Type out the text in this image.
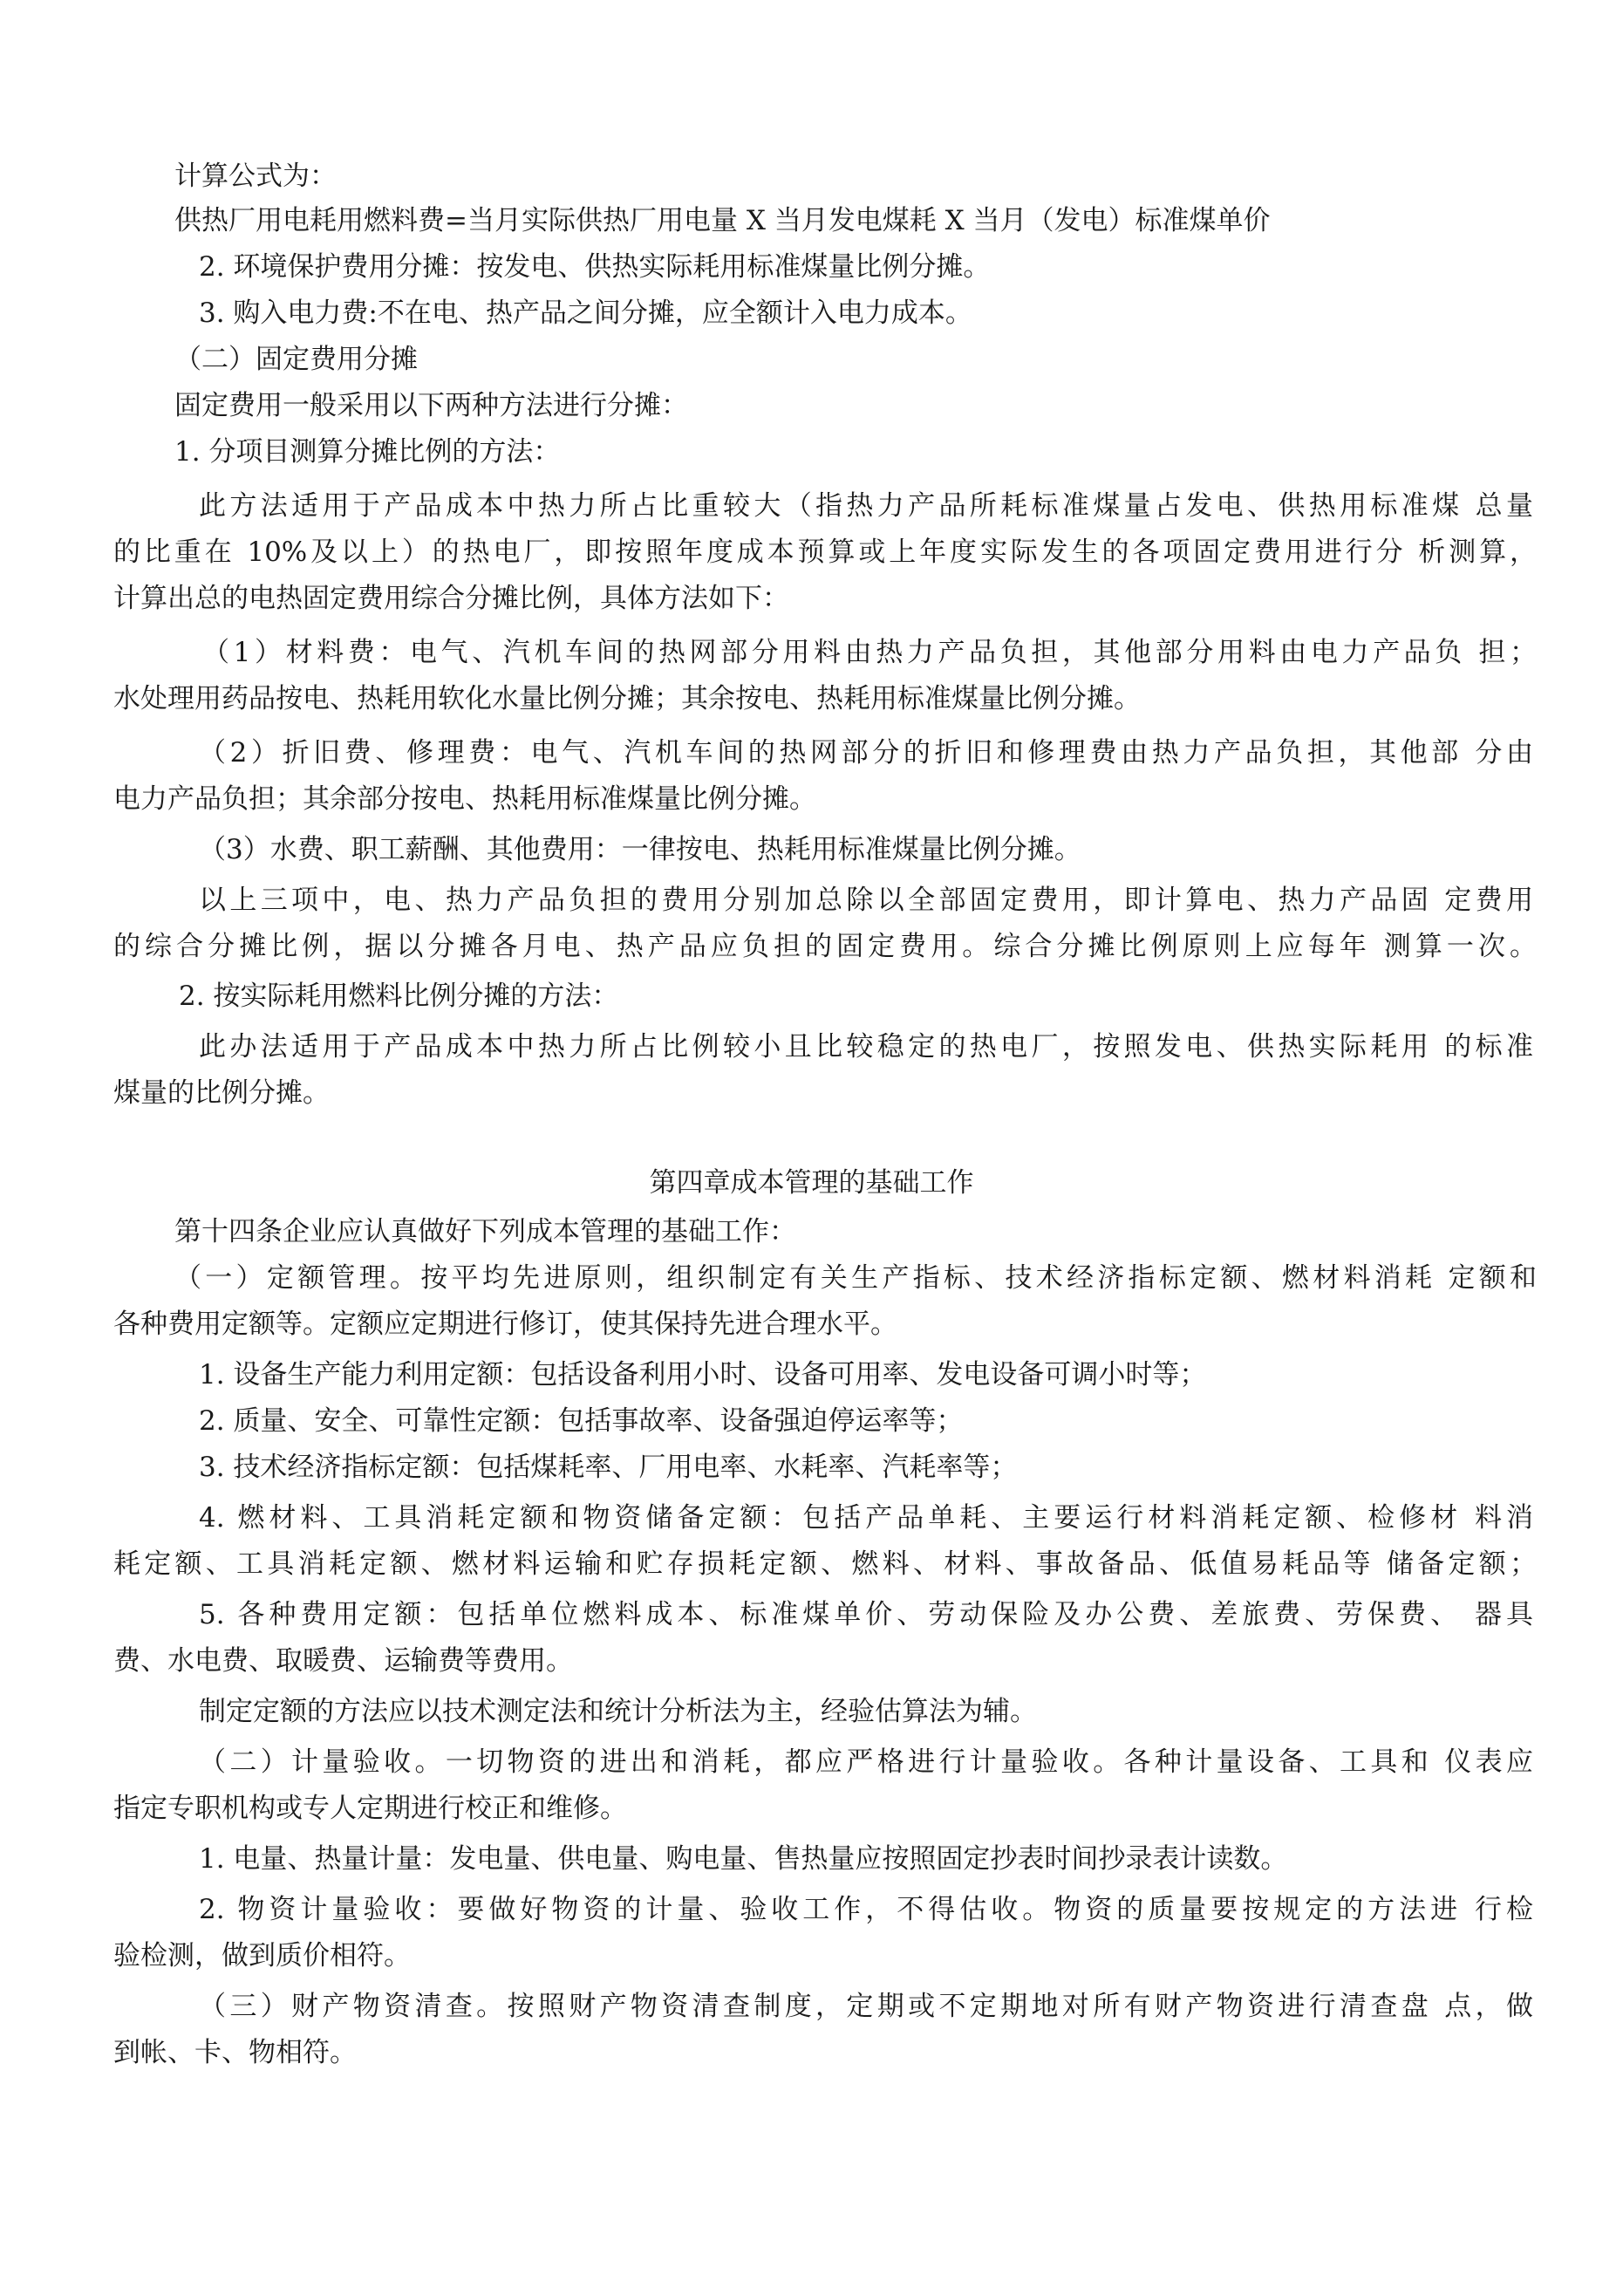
计算公式为：
供热厂用电耗用燃料费=当月实际供热厂用电量 X 当月发电煤耗 X 当月（发电）标准煤单价
2. 环境保护费用分摊：按发电、供热实际耗用标准煤量比例分摊。
3. 购入电力费:不在电、热产品之间分摊，应全额计入电力成本。
（二）固定费用分摊
固定费用一般采用以下两种方法进行分摊：
1. 分项目测算分摊比例的方法：
此方法适用于产品成本中热力所占比重较大（指热力产品所耗标准煤量占发电、供热用标准煤 总量
的比重在 10%及以上）的热电厂，即按照年度成本预算或上年度实际发生的各项固定费用进行分 析测算，
计算出总的电热固定费用综合分摊比例，具体方法如下：
（1）材料费：电气、汽机车间的热网部分用料由热力产品负担，其他部分用料由电力产品负 担；
水处理用药品按电、热耗用软化水量比例分摊；其余按电、热耗用标准煤量比例分摊。
（2）折旧费、修理费：电气、汽机车间的热网部分的折旧和修理费由热力产品负担，其他部 分由
电力产品负担；其余部分按电、热耗用标准煤量比例分摊。
（3）水费、职工薪酬、其他费用：一律按电、热耗用标准煤量比例分摊。
以上三项中，电、热力产品负担的费用分别加总除以全部固定费用，即计算电、热力产品固 定费用
的综合分摊比例，据以分摊各月电、热产品应负担的固定费用。综合分摊比例原则上应每年 测算一次。
2. 按实际耗用燃料比例分摊的方法：
此办法适用于产品成本中热力所占比例较小且比较稳定的热电厂，按照发电、供热实际耗用 的标准
煤量的比例分摊。
第四章成本管理的基础工作
第十四条企业应认真做好下列成本管理的基础工作：
（一）定额管理。按平均先进原则，组织制定有关生产指标、技术经济指标定额、燃材料消耗 定额和
各种费用定额等。定额应定期进行修订，使其保持先进合理水平。
1. 设备生产能力利用定额：包括设备利用小时、设备可用率、发电设备可调小时等；
2. 质量、安全、可靠性定额：包括事故率、设备强迫停运率等；
3. 技术经济指标定额：包括煤耗率、厂用电率、水耗率、汽耗率等；
4. 燃材料、工具消耗定额和物资储备定额：包括产品单耗、主要运行材料消耗定额、检修材 料消
耗定额、工具消耗定额、燃材料运输和贮存损耗定额、燃料、材料、事故备品、低值易耗品等 储备定额；
5. 各种费用定额：包括单位燃料成本、标准煤单价、劳动保险及办公费、差旅费、劳保费、 器具
费、水电费、取暖费、运输费等费用。
制定定额的方法应以技术测定法和统计分析法为主，经验估算法为辅。
（二）计量验收。一切物资的进出和消耗，都应严格进行计量验收。各种计量设备、工具和 仪表应
指定专职机构或专人定期进行校正和维修。
1. 电量、热量计量：发电量、供电量、购电量、售热量应按照固定抄表时间抄录表计读数。
2. 物资计量验收：要做好物资的计量、验收工作，不得估收。物资的质量要按规定的方法进 行检
验检测，做到质价相符。
（三）财产物资清查。按照财产物资清查制度，定期或不定期地对所有财产物资进行清查盘 点，做
到帐、卡、物相符。
